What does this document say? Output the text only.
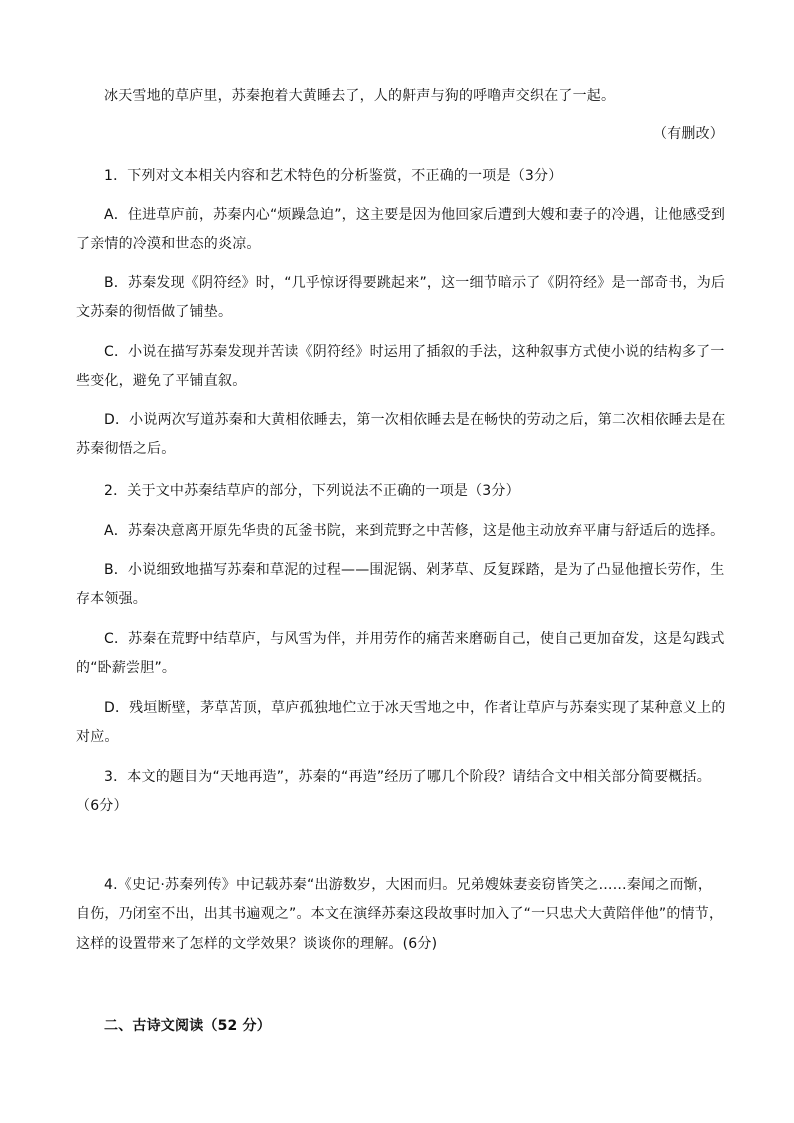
冰天雪地的草庐里，苏秦抱着大黄睡去了，人的鼾声与狗的呼噜声交织在了一起。
（有删改）
1．下列对文本相关内容和艺术特色的分析鉴赏，不正确的一项是（3分）
A．住进草庐前，苏秦内心“烦躁急迫”，这主要是因为他回家后遭到大嫂和妻子的冷遇，让他感受到
了亲情的冷漠和世态的炎凉。
B．苏秦发现《阴符经》时，“几乎惊讶得要跳起来”，这一细节暗示了《阴符经》是一部奇书，为后
文苏秦的彻悟做了铺垫。
C．小说在描写苏秦发现并苦读《阴符经》时运用了插叙的手法，这种叙事方式使小说的结构多了一
些变化，避免了平铺直叙。
D．小说两次写道苏秦和大黄相依睡去，第一次相依睡去是在畅快的劳动之后，第二次相依睡去是在
苏秦彻悟之后。
2．关于文中苏秦结草庐的部分，下列说法不正确的一项是（3分）
A．苏秦决意离开原先华贵的瓦釜书院，来到荒野之中苦修，这是他主动放弃平庸与舒适后的选择。
B．小说细致地描写苏秦和草泥的过程——围泥锅、剁茅草、反复踩踏，是为了凸显他擅长劳作，生
存本领强。
C．苏秦在荒野中结草庐，与风雪为伴，并用劳作的痛苦来磨砺自己，使自己更加奋发，这是勾践式
的“卧薪尝胆”。
D．残垣断壁，茅草苫顶，草庐孤独地伫立于冰天雪地之中，作者让草庐与苏秦实现了某种意义上的
对应。
3．本文的题目为“天地再造”，苏秦的“再造”经历了哪几个阶段？请结合文中相关部分简要概括。
（6分）
4.《史记·苏秦列传》中记载苏秦“出游数岁，大困而归。兄弟嫂妹妻妾窃皆笑之……秦闻之而惭，
自伤，乃闭室不出，出其书遍观之”。本文在演绎苏秦这段故事时加入了“一只忠犬大黄陪伴他”的情节，
这样的设置带来了怎样的文学效果？谈谈你的理解。(6分)
二、古诗文阅读（52 分）
